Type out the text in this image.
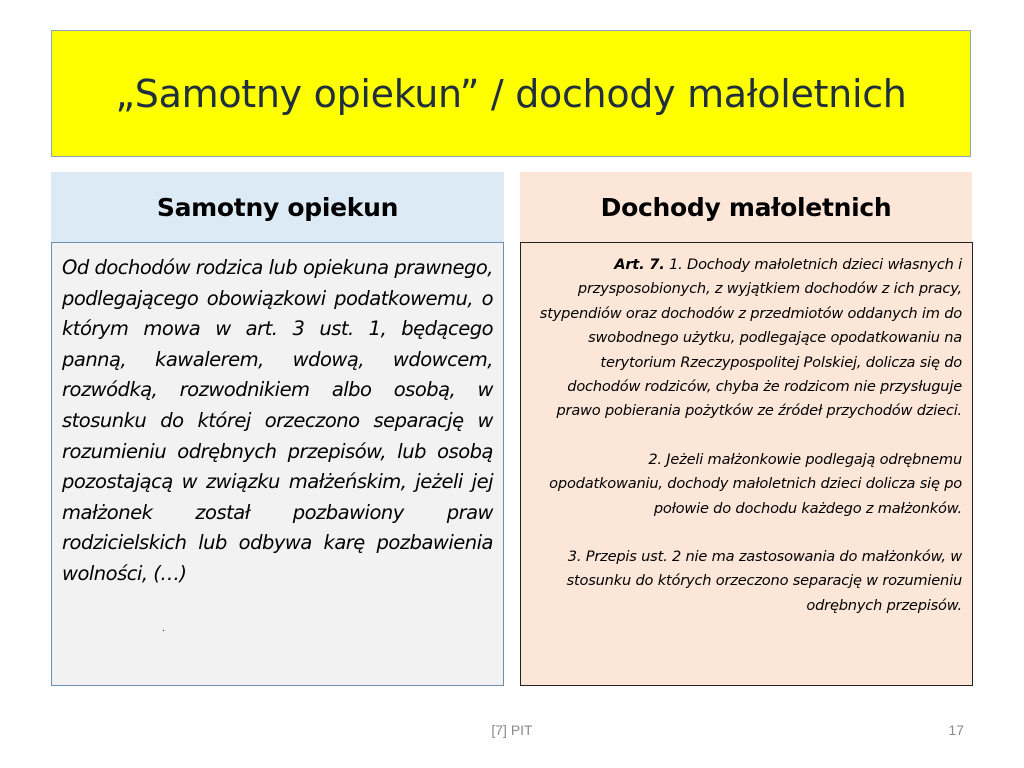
„Samotny opiekun” / dochody małoletnich
Samotny opiekun	Dochody małoletnich

Od dochodów rodzica lub opiekuna prawnego, podlegającego obowiązkowi podatkowemu, o którym mowa w art. 3 ust. 1, będącego panną, kawalerem, wdową, wdowcem, rozwódką, rozwodnikiem albo osobą, w stosunku do której orzeczono separację w rozumieniu odrębnych przepisów, lub osobą pozostającą w związku małżeńskim, jeżeli jej małżonek został pozbawiony praw rodzicielskich lub odbywa karę pozbawienia wolności, (…)

.

Art. 7. 1. Dochody małoletnich dzieci własnych i przysposobionych, z wyjątkiem dochodów z ich pracy, stypendiów oraz dochodów z przedmiotów oddanych im do swobodnego użytku, podlegające opodatkowaniu na terytorium Rzeczypospolitej Polskiej, dolicza się do dochodów rodziców, chyba że rodzicom nie przysługuje prawo pobierania pożytków ze źródeł przychodów dzieci.

2. Jeżeli małżonkowie podlegają odrębnemu opodatkowaniu, dochody małoletnich dzieci dolicza się po połowie do dochodu każdego z małżonków.

3. Przepis ust. 2 nie ma zastosowania do małżonków, w stosunku do których orzeczono separację w rozumieniu odrębnych przepisów.

[7] PIT	17
